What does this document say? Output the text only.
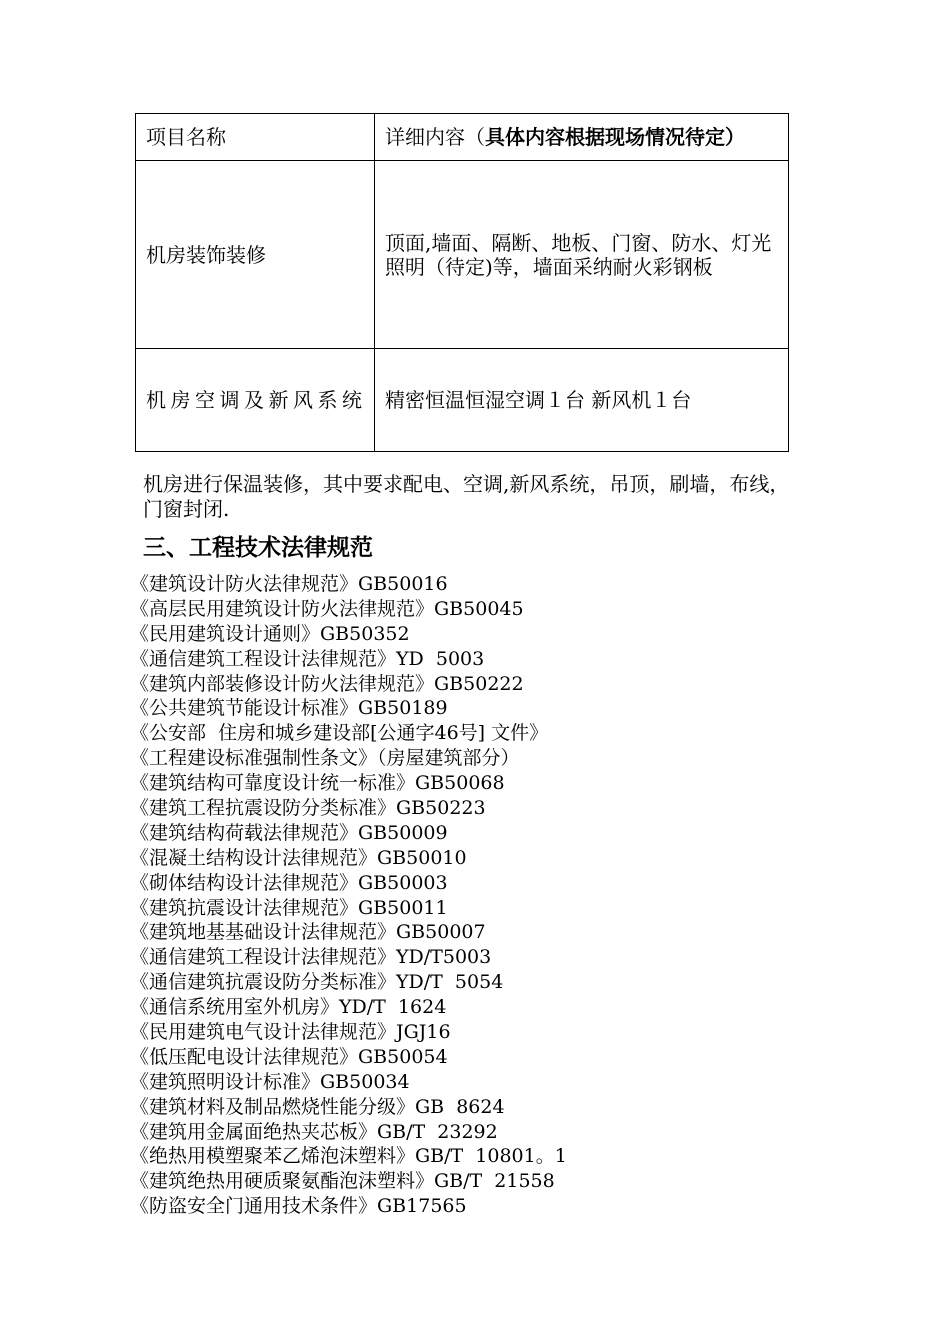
项目名称	详细内容（具体内容根据现场情况待定）
机房装饰装修	顶面,墙面、隔断、地板、门窗、防水、灯光照明（待定)等，墙面采纳耐火彩钢板
机房空调及新风系统	精密恒温恒湿空调１台 新风机１台

机房进行保温装修，其中要求配电、空调,新风系统，吊顶，刷墙，布线，门窗封闭.

三、工程技术法律规范
《建筑设计防火法律规范》GB50016
《高层民用建筑设计防火法律规范》GB50045
《民用建筑设计通则》GB50352
《通信建筑工程设计法律规范》YD  5003
《建筑内部装修设计防火法律规范》GB50222
《公共建筑节能设计标准》GB50189
《公安部  住房和城乡建设部[公通字46号] 文件》
《工程建设标准强制性条文》（房屋建筑部分）
《建筑结构可靠度设计统一标准》GB50068
《建筑工程抗震设防分类标准》GB50223
《建筑结构荷载法律规范》GB50009
《混凝土结构设计法律规范》GB50010
《砌体结构设计法律规范》GB50003
《建筑抗震设计法律规范》GB50011
《建筑地基基础设计法律规范》GB50007
《通信建筑工程设计法律规范》YD/T5003
《通信建筑抗震设防分类标准》YD/T  5054
《通信系统用室外机房》YD/T  1624
《民用建筑电气设计法律规范》JGJ16
《低压配电设计法律规范》GB50054
《建筑照明设计标准》GB50034
《建筑材料及制品燃烧性能分级》GB  8624
《建筑用金属面绝热夹芯板》GB/T  23292
《绝热用模塑聚苯乙烯泡沫塑料》GB/T  10801。1
《建筑绝热用硬质聚氨酯泡沫塑料》GB/T  21558
《防盗安全门通用技术条件》GB17565
